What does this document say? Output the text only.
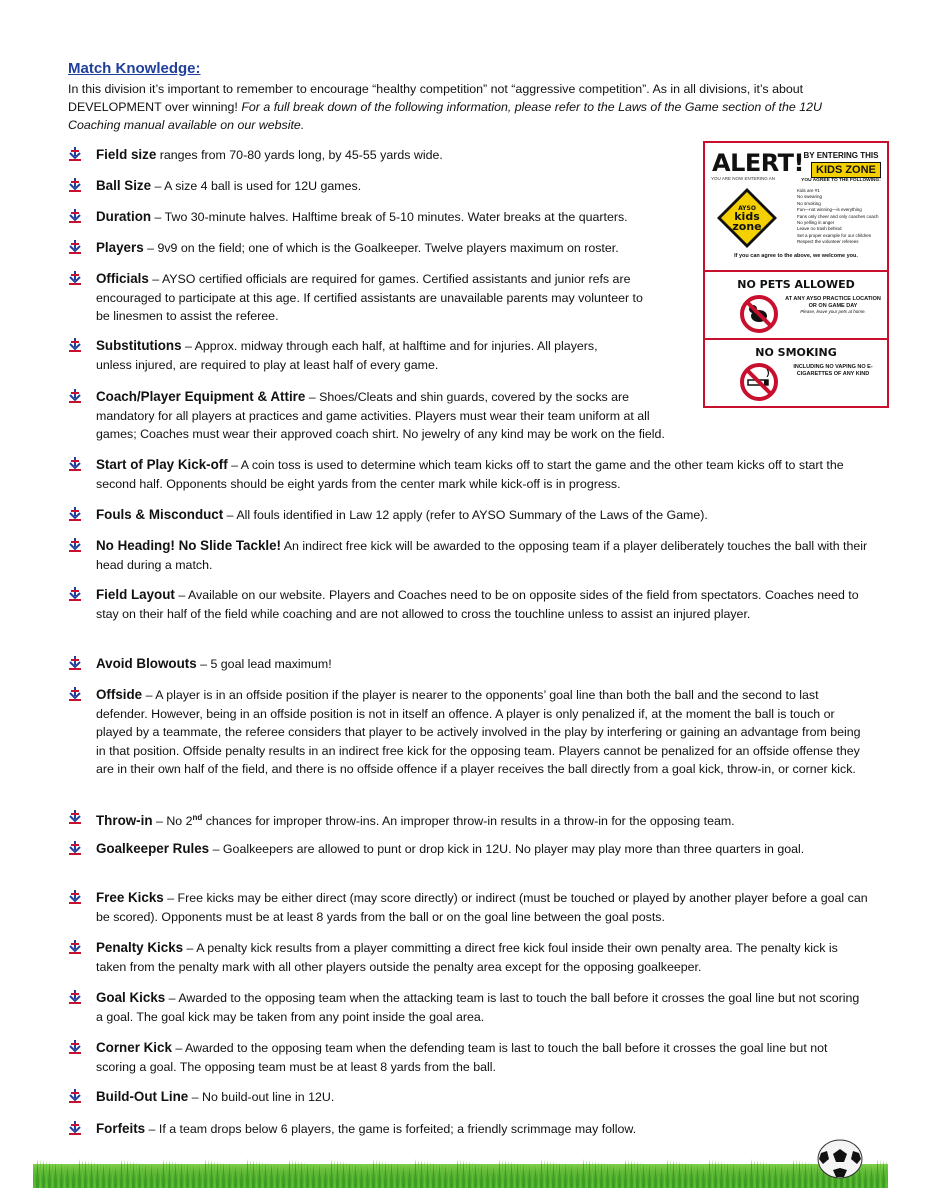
Match Knowledge:

In this division it’s important to remember to encourage “healthy competition” not “aggressive competition”. As in all divisions, it’s about DEVELOPMENT over winning! For a full break down of the following information, please refer to the Laws of the Game section of the 12U Coaching manual available on our website.

Field size ranges from 70-80 yards long, by 45-55 yards wide.
Ball Size – A size 4 ball is used for 12U games.
Duration – Two 30-minute halves. Halftime break of 5-10 minutes. Water breaks at the quarters.
Players – 9v9 on the field; one of which is the Goalkeeper. Twelve players maximum on roster.
Officials – AYSO certified officials are required for games. Certified assistants and junior refs are encouraged to participate at this age. If certified assistants are unavailable parents may volunteer to be linesmen to assist the referee.
Substitutions – Approx. midway through each half, at halftime and for injuries. All players, unless injured, are required to play at least half of every game.
Coach/Player Equipment & Attire – Shoes/Cleats and shin guards, covered by the socks are mandatory for all players at practices and game activities. Players must wear their team uniform at all games; Coaches must wear their approved coach shirt. No jewelry of any kind may be work on the field.
Start of Play Kick-off – A coin toss is used to determine which team kicks off to start the game and the other team kicks off to start the second half. Opponents should be eight yards from the center mark while kick-off is in progress.
Fouls & Misconduct – All fouls identified in Law 12 apply (refer to AYSO Summary of the Laws of the Game).
No Heading! No Slide Tackle! An indirect free kick will be awarded to the opposing team if a player deliberately touches the ball with their head during a match.
Field Layout – Available on our website. Players and Coaches need to be on opposite sides of the field from spectators. Coaches need to stay on their half of the field while coaching and are not allowed to cross the touchline unless to assist an injured player.
Avoid Blowouts – 5 goal lead maximum!
Offside – A player is in an offside position if the player is nearer to the opponents’ goal line than both the ball and the second to last defender. However, being in an offside position is not in itself an offence. A player is only penalized if, at the moment the ball is touch or played by a teammate, the referee considers that player to be actively involved in the play by interfering or gaining an advantage from being in that position. Offside penalty results in an indirect free kick for the opposing team. Players cannot be penalized for an offside offense they are in their own half of the field, and there is no offside offence if a player receives the ball directly from a goal kick, throw-in, or corner kick.
Throw-in – No 2nd chances for improper throw-ins. An improper throw-in results in a throw-in for the opposing team.
Goalkeeper Rules – Goalkeepers are allowed to punt or drop kick in 12U. No player may play more than three quarters in goal.
Free Kicks – Free kicks may be either direct (may score directly) or indirect (must be touched or played by another player before a goal can be scored). Opponents must be at least 8 yards from the ball or on the goal line between the goal posts.
Penalty Kicks – A penalty kick results from a player committing a direct free kick foul inside their own penalty area. The penalty kick is taken from the penalty mark with all other players outside the penalty area except for the opposing goalkeeper.
Goal Kicks – Awarded to the opposing team when the attacking team is last to touch the ball before it crosses the goal line but not scoring a goal. The goal kick may be taken from any point inside the goal area.
Corner Kick – Awarded to the opposing team when the defending team is last to touch the ball before it crosses the goal line but not scoring a goal. The opposing team must be at least 8 yards from the ball.
Build-Out Line – No build-out line in 12U.
Forfeits – If a team drops below 6 players, the game is forfeited; a friendly scrimmage may follow.
ALERT!
YOU ARE NOW ENTERING AN
BY ENTERING THIS
KIDS ZONE
YOU AGREE TO THE FOLLOWING:
Kids are #1
No swearing
No smoking
Fun—not winning—is everything
Fans only cheer and only coaches coach
No yelling in anger
Leave no trash behind
Set a proper example for our children
Respect the volunteer referees
AYSO
kids
zone
If you can agree to the above, we welcome you.
NO PETS ALLOWED
AT ANY AYSO PRACTICE LOCATION OR ON GAME DAY
Please, leave your pets at home.
NO SMOKING
INCLUDING NO VAPING NO E-CIGARETTES OF ANY KIND
